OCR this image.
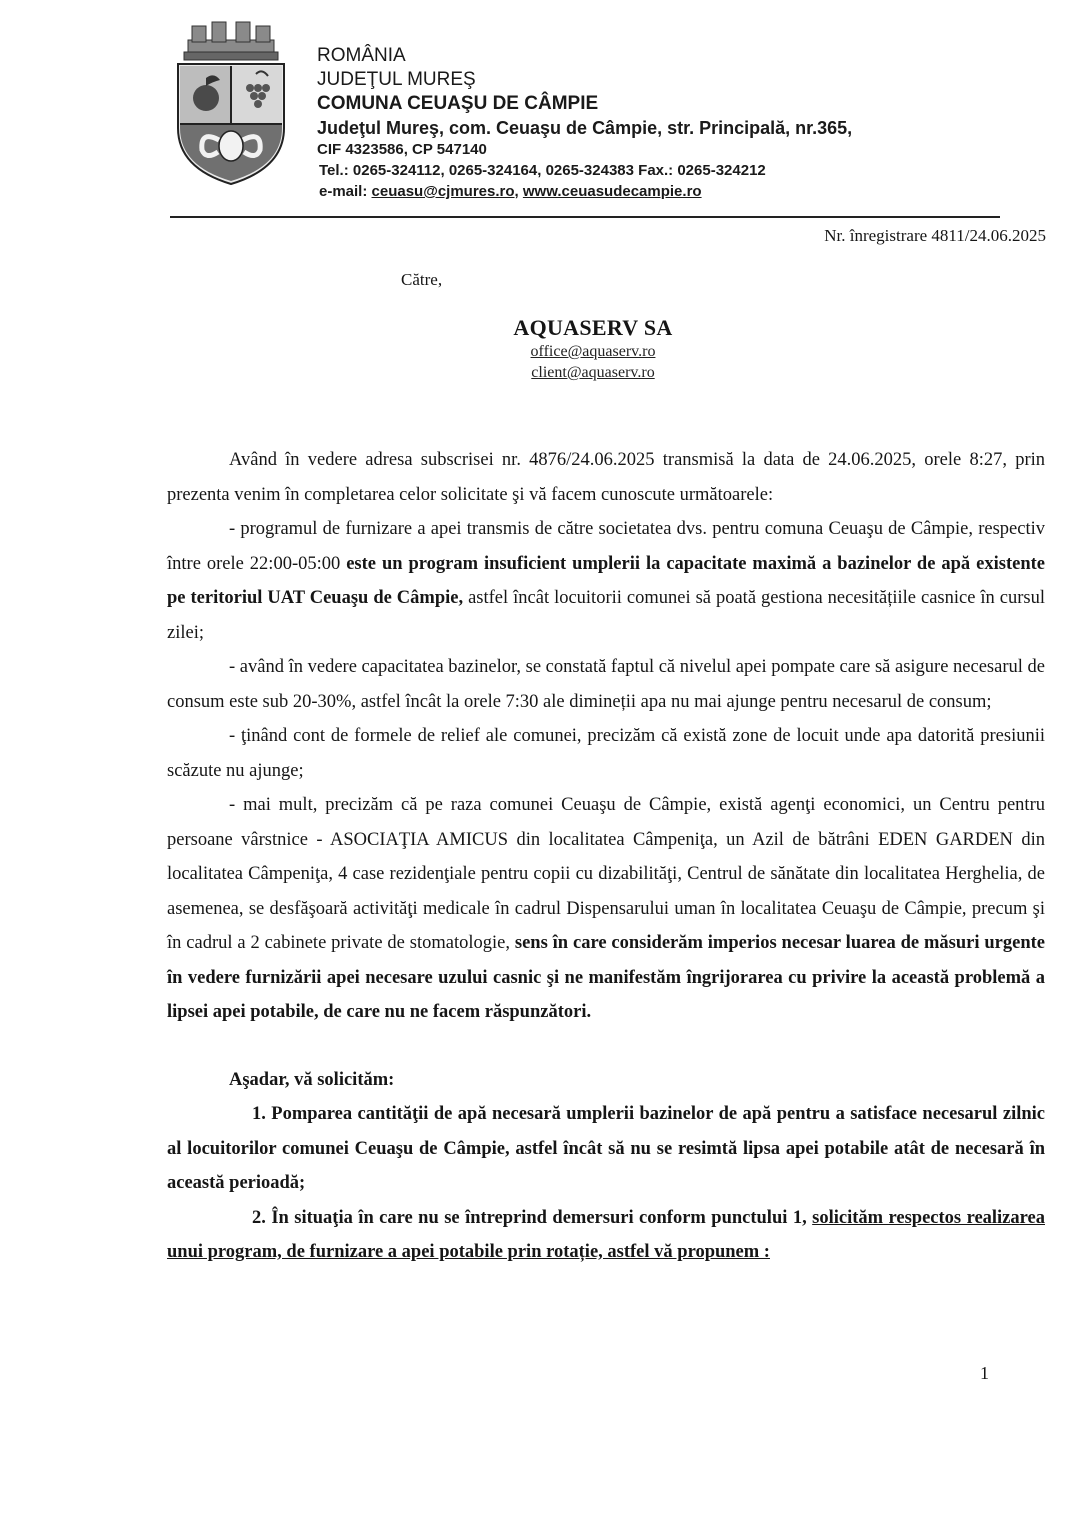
ROMÂNIA
JUDEŢUL MUREŞ
COMUNA CEUAŞU DE CÂMPIE
Judeţul Mureş, com. Ceuaşu de Câmpie, str. Principală, nr.365,
CIF 4323586, CP 547140
Tel.: 0265-324112, 0265-324164, 0265-324383 Fax.: 0265-324212
e-mail: ceuasu@cjmures.ro, www.ceuasudecampie.ro
Nr. înregistrare 4811/24.06.2025
Către,
AQUASERV SA
office@aquaserv.ro
client@aquaserv.ro

Având în vedere adresa subscrisei nr. 4876/24.06.2025 transmisă la data de 24.06.2025, orele 8:27, prin prezenta venim în completarea celor solicitate şi vă facem cunoscute următoarele:

- programul de furnizare a apei transmis de către societatea dvs. pentru comuna Ceuaşu de Câmpie, respectiv între orele 22:00-05:00 este un program insuficient umplerii la capacitate maximă a bazinelor de apă existente pe teritoriul UAT Ceuaşu de Câmpie, astfel încât locuitorii comunei să poată gestiona necesitățiile casnice în cursul zilei;

- având în vedere capacitatea bazinelor, se constată faptul că nivelul apei pompate care să asigure necesarul de consum este sub 20-30%, astfel încât la orele 7:30 ale dimineții apa nu mai ajunge pentru necesarul de consum;

- ţinând cont de formele de relief ale comunei, precizăm că există zone de locuit unde apa datorită presiunii scăzute nu ajunge;

- mai mult, precizăm că pe raza comunei Ceuaşu de Câmpie, există agenţi economici, un Centru pentru persoane vârstnice - ASOCIAŢIA AMICUS din localitatea Câmpeniţa, un Azil de bătrâni EDEN GARDEN din localitatea Câmpeniţa, 4 case rezidenţiale pentru copii cu dizabilităţi, Centrul de sănătate din localitatea Herghelia, de asemenea, se desfăşoară activităţi medicale în cadrul Dispensarului uman în localitatea Ceuaşu de Câmpie, precum şi în cadrul a 2 cabinete private de stomatologie, sens în care considerăm imperios necesar luarea de măsuri urgente în vedere furnizării apei necesare uzului casnic şi ne manifestăm îngrijorarea cu privire la această problemă a lipsei apei potabile, de care nu ne facem răspunzători.

Aşadar, vă solicităm:

1. Pomparea cantităţii de apă necesară umplerii bazinelor de apă pentru a satisface necesarul zilnic al locuitorilor comunei Ceuaşu de Câmpie, astfel încât să nu se resimtă lipsa apei potabile atât de necesară în această perioadă;

2. În situaţia în care nu se întreprind demersuri conform punctului 1, solicităm respectos realizarea unui program, de furnizare a apei potabile prin rotație, astfel vă propunem :

1
